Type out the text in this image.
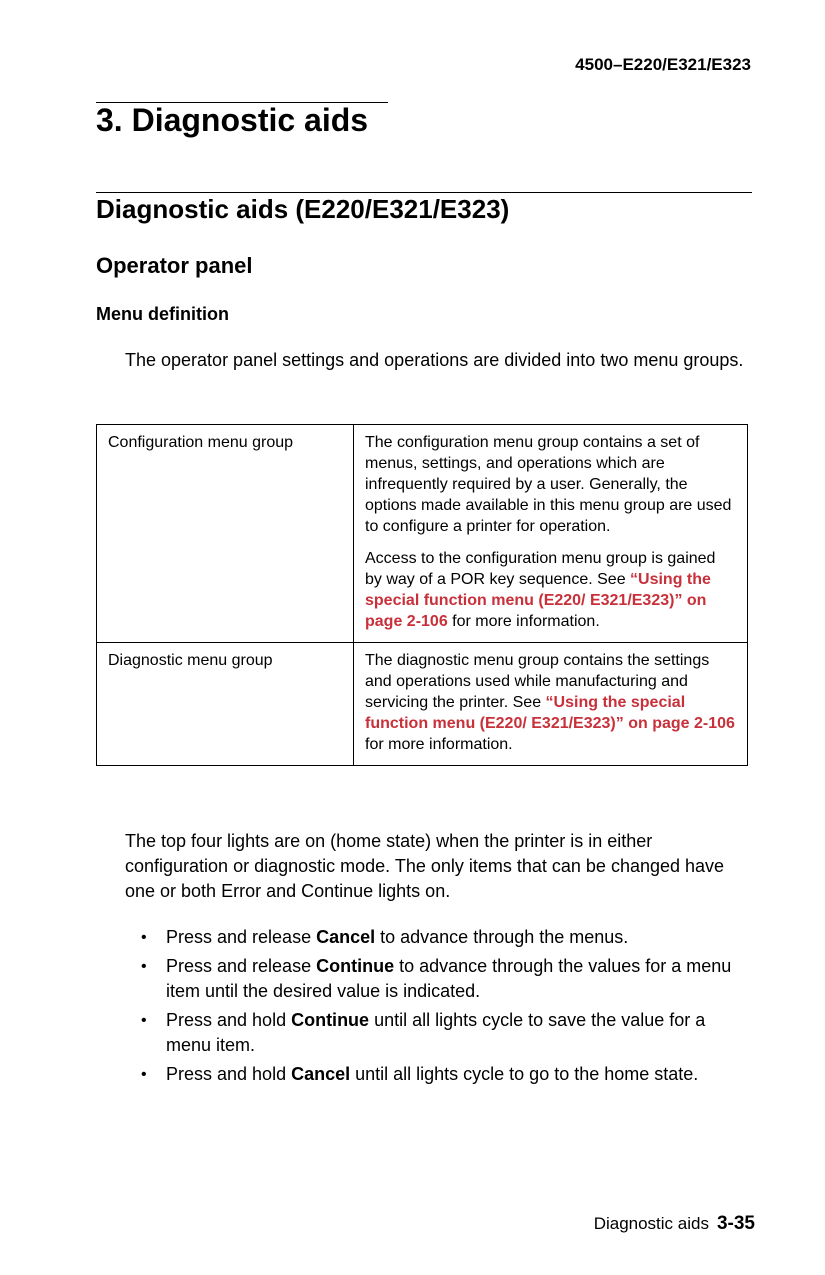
4500–E220/E321/E323
3. Diagnostic aids
Diagnostic aids (E220/E321/E323)
Operator panel
Menu definition

The operator panel settings and operations are divided into two menu groups.

Configuration menu group	The configuration menu group contains a set of menus, settings, and operations which are infrequently required by a user. Generally, the options made available in this menu group are used to configure a printer for operation.

Access to the configuration menu group is gained by way of a POR key sequence. See “Using the special function menu (E220/ E321/E323)” on page 2-106 for more information.

Diagnostic menu group	The diagnostic menu group contains the settings and operations used while manufacturing and servicing the printer. See “Using the special function menu (E220/ E321/E323)” on page 2-106 for more information.

The top four lights are on (home state) when the printer is in either configuration or diagnostic mode. The only items that can be changed have one or both Error and Continue lights on.

• Press and release Cancel to advance through the menus.
• Press and release Continue to advance through the values for a menu item until the desired value is indicated.
• Press and hold Continue until all lights cycle to save the value for a menu item.
• Press and hold Cancel until all lights cycle to go to the home state.
Diagnostic aids 3-35
